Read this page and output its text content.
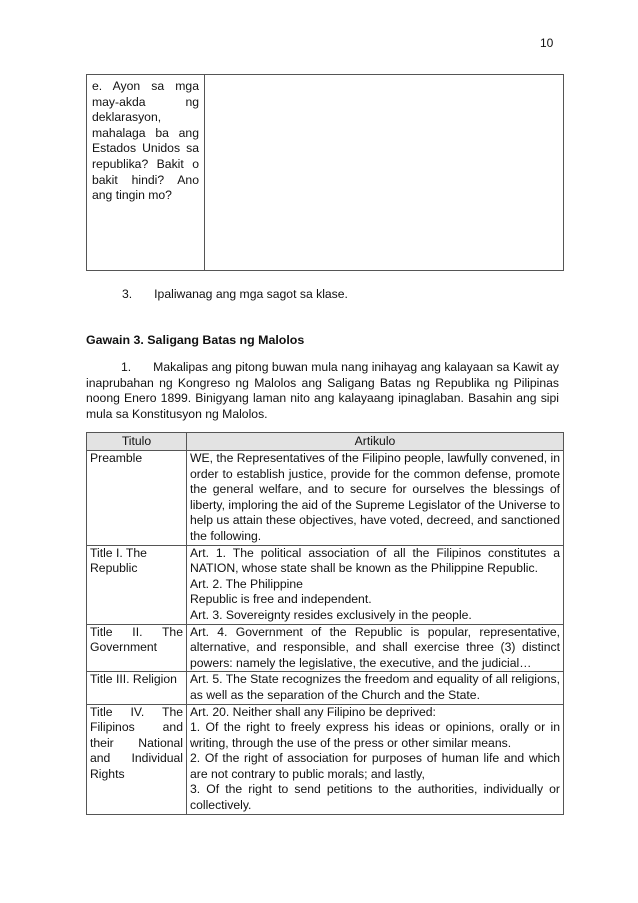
10
e. Ayon sa mga may-akda ng deklarasyon, mahalaga ba ang Estados Unidos sa republika? Bakit o bakit hindi? Ano ang tingin mo?	
3. Ipaliwanag ang mga sagot sa klase.
Gawain 3. Saligang Batas ng Malolos
1. Makalipas ang pitong buwan mula nang inihayag ang kalayaan sa Kawit ay inaprubahan ng Kongreso ng Malolos ang Saligang Batas ng Republika ng Pilipinas noong Enero 1899. Binigyang laman nito ang kalayaang ipinaglaban. Basahin ang sipi mula sa Konstitusyon ng Malolos.
Titulo	Artikulo
Preamble	WE, the Representatives of the Filipino people, lawfully convened, in order to establish justice, provide for the common defense, promote the general welfare, and to secure for ourselves the blessings of liberty, imploring the aid of the Supreme Legislator of the Universe to help us attain these objectives, have voted, decreed, and sanctioned the following.

Title I. The Republic	Art. 1. The political association of all the Filipinos constitutes a NATION, whose state shall be known as the Philippine Republic.
Art. 2. The Philippine
Republic is free and independent.
Art. 3. Sovereignty resides exclusively in the people.

Title II. The Government	Art. 4. Government of the Republic is popular, representative, alternative, and responsible, and shall exercise three (3) distinct powers: namely the legislative, the executive, and the judicial…

Title III. Religion	Art. 5. The State recognizes the freedom and equality of all religions, as well as the separation of the Church and the State.

Title IV. The Filipinos and their National and Individual Rights	Art. 20. Neither shall any Filipino be deprived:
1. Of the right to freely express his ideas or opinions, orally or in writing, through the use of the press or other similar means.
2. Of the right of association for purposes of human life and which are not contrary to public morals; and lastly,
3. Of the right to send petitions to the authorities, individually or collectively.
